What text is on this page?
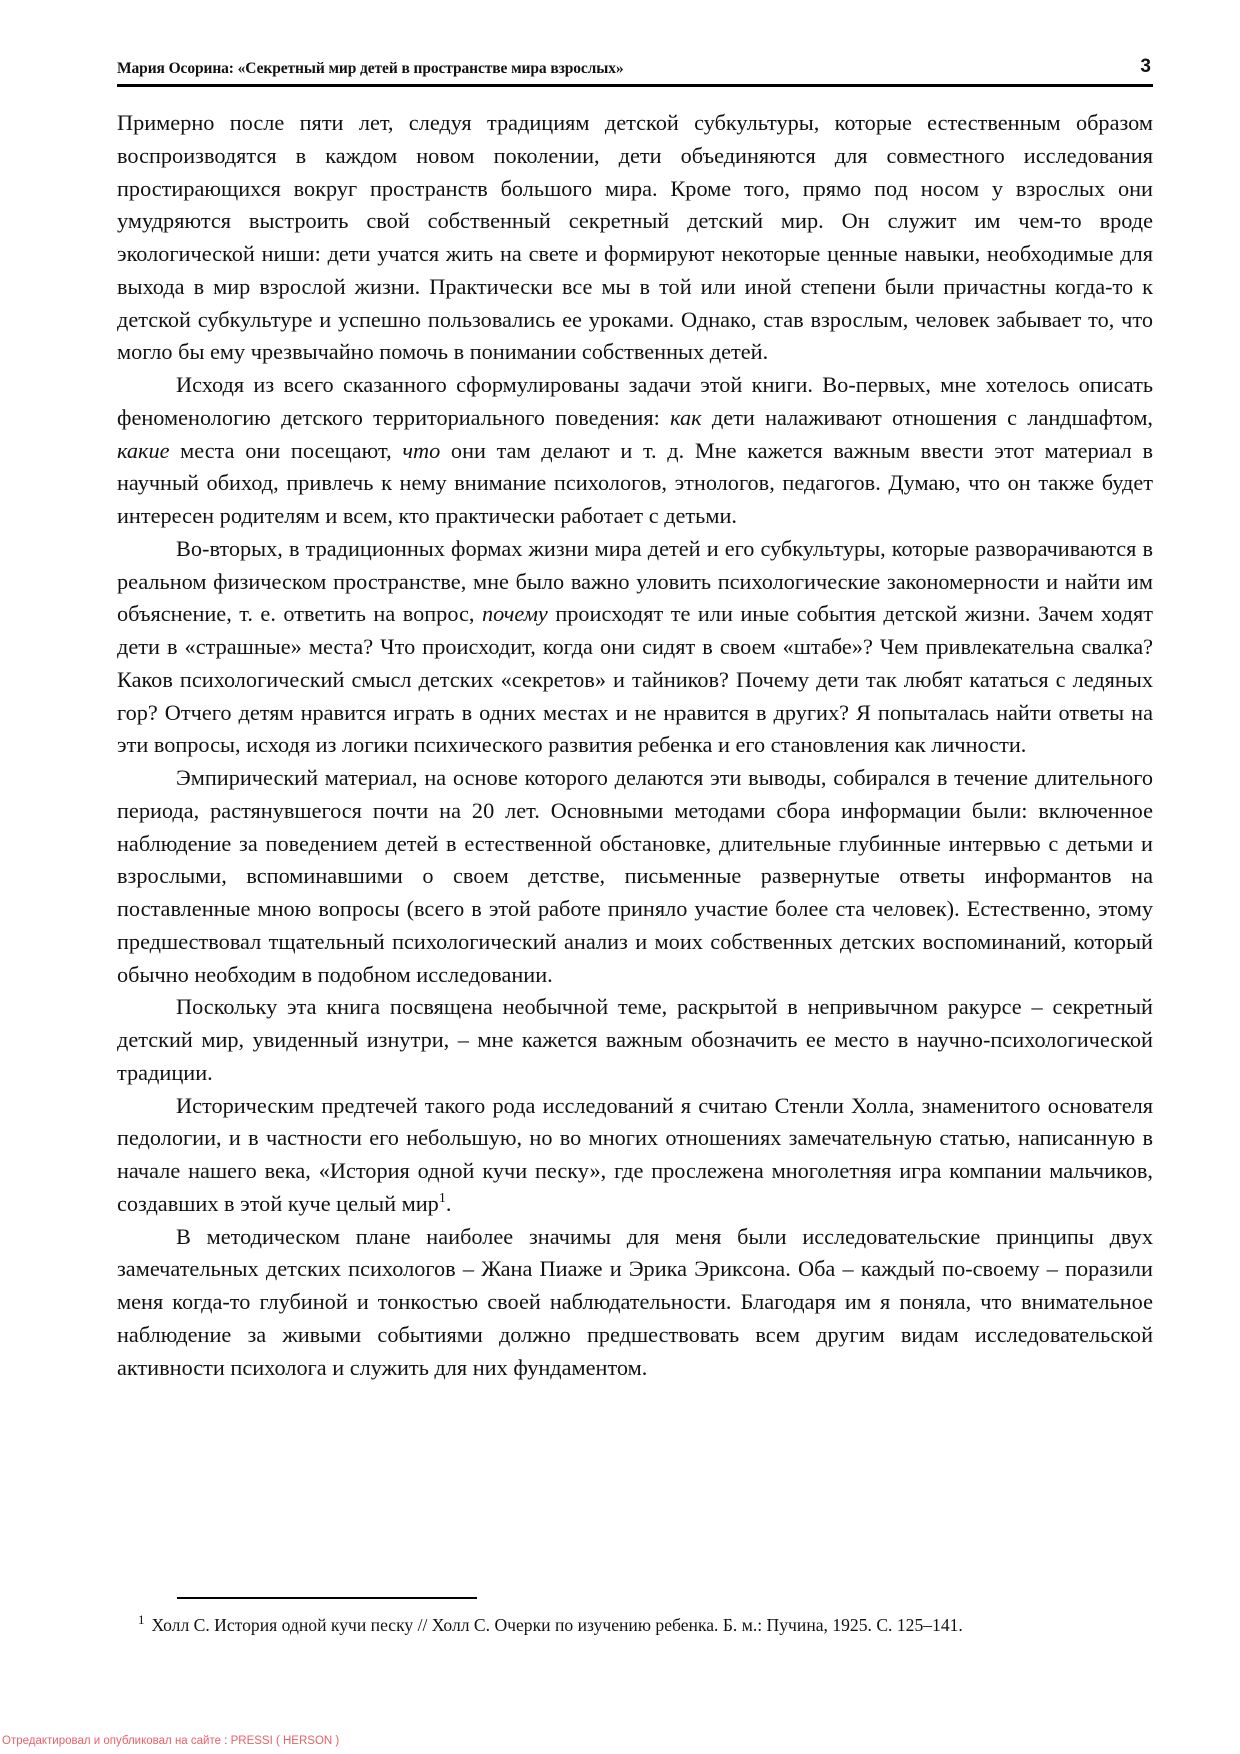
Мария Осорина: «Секретный мир детей в пространстве мира взрослых»	3

Примерно после пяти лет, следуя традициям детской субкультуры, которые естественным образом воспроизводятся в каждом новом поколении, дети объединяются для совместного исследования простирающихся вокруг пространств большого мира. Кроме того, прямо под носом у взрослых они умудряются выстроить свой собственный секретный детский мир. Он служит им чем-то вроде экологической ниши: дети учатся жить на свете и формируют некоторые ценные навыки, необходимые для выхода в мир взрослой жизни. Практически все мы в той или иной степени были причастны когда-то к детской субкультуре и успешно пользовались ее уроками. Однако, став взрослым, человек забывает то, что могло бы ему чрезвычайно помочь в понимании собственных детей.

Исходя из всего сказанного сформулированы задачи этой книги. Во-первых, мне хотелось описать феноменологию детского территориального поведения: как дети налаживают отношения с ландшафтом, какие места они посещают, что они там делают и т. д. Мне кажется важным ввести этот материал в научный обиход, привлечь к нему внимание психологов, этнологов, педагогов. Думаю, что он также будет интересен родителям и всем, кто практически работает с детьми.

Во-вторых, в традиционных формах жизни мира детей и его субкультуры, которые разворачиваются в реальном физическом пространстве, мне было важно уловить психологические закономерности и найти им объяснение, т. е. ответить на вопрос, почему происходят те или иные события детской жизни. Зачем ходят дети в «страшные» места? Что происходит, когда они сидят в своем «штабе»? Чем привлекательна свалка? Каков психологический смысл детских «секретов» и тайников? Почему дети так любят кататься с ледяных гор? Отчего детям нравится играть в одних местах и не нравится в других? Я попыталась найти ответы на эти вопросы, исходя из логики психического развития ребенка и его становления как личности.

Эмпирический материал, на основе которого делаются эти выводы, собирался в течение длительного периода, растянувшегося почти на 20 лет. Основными методами сбора информации были: включенное наблюдение за поведением детей в естественной обстановке, длительные глубинные интервью с детьми и взрослыми, вспоминавшими о своем детстве, письменные развернутые ответы информантов на поставленные мною вопросы (всего в этой работе приняло участие более ста человек). Естественно, этому предшествовал тщательный психологический анализ и моих собственных детских воспоминаний, который обычно необходим в подобном исследовании.

Поскольку эта книга посвящена необычной теме, раскрытой в непривычном ракурсе – секретный детский мир, увиденный изнутри, – мне кажется важным обозначить ее место в научно-психологической традиции.

Историческим предтечей такого рода исследований я считаю Стенли Холла, знаменитого основателя педологии, и в частности его небольшую, но во многих отношениях замечательную статью, написанную в начале нашего века, «История одной кучи песку», где прослежена многолетняя игра компании мальчиков, создавших в этой куче целый мир$^1$.

В методическом плане наиболее значимы для меня были исследовательские принципы двух замечательных детских психологов – Жана Пиаже и Эрика Эриксона. Оба – каждый по-своему – поразили меня когда-то глубиной и тонкостью своей наблюдательности. Благодаря им я поняла, что внимательное наблюдение за живыми событиями должно предшествовать всем другим видам исследовательской активности психолога и служить для них фундаментом.

$^1$ Холл С. История одной кучи песку // Холл С. Очерки по изучению ребенка. Б. м.: Пучина, 1925. С. 125–141.
Отредактировал и опубликовал на сайте : PRESSI ( HERSON )
